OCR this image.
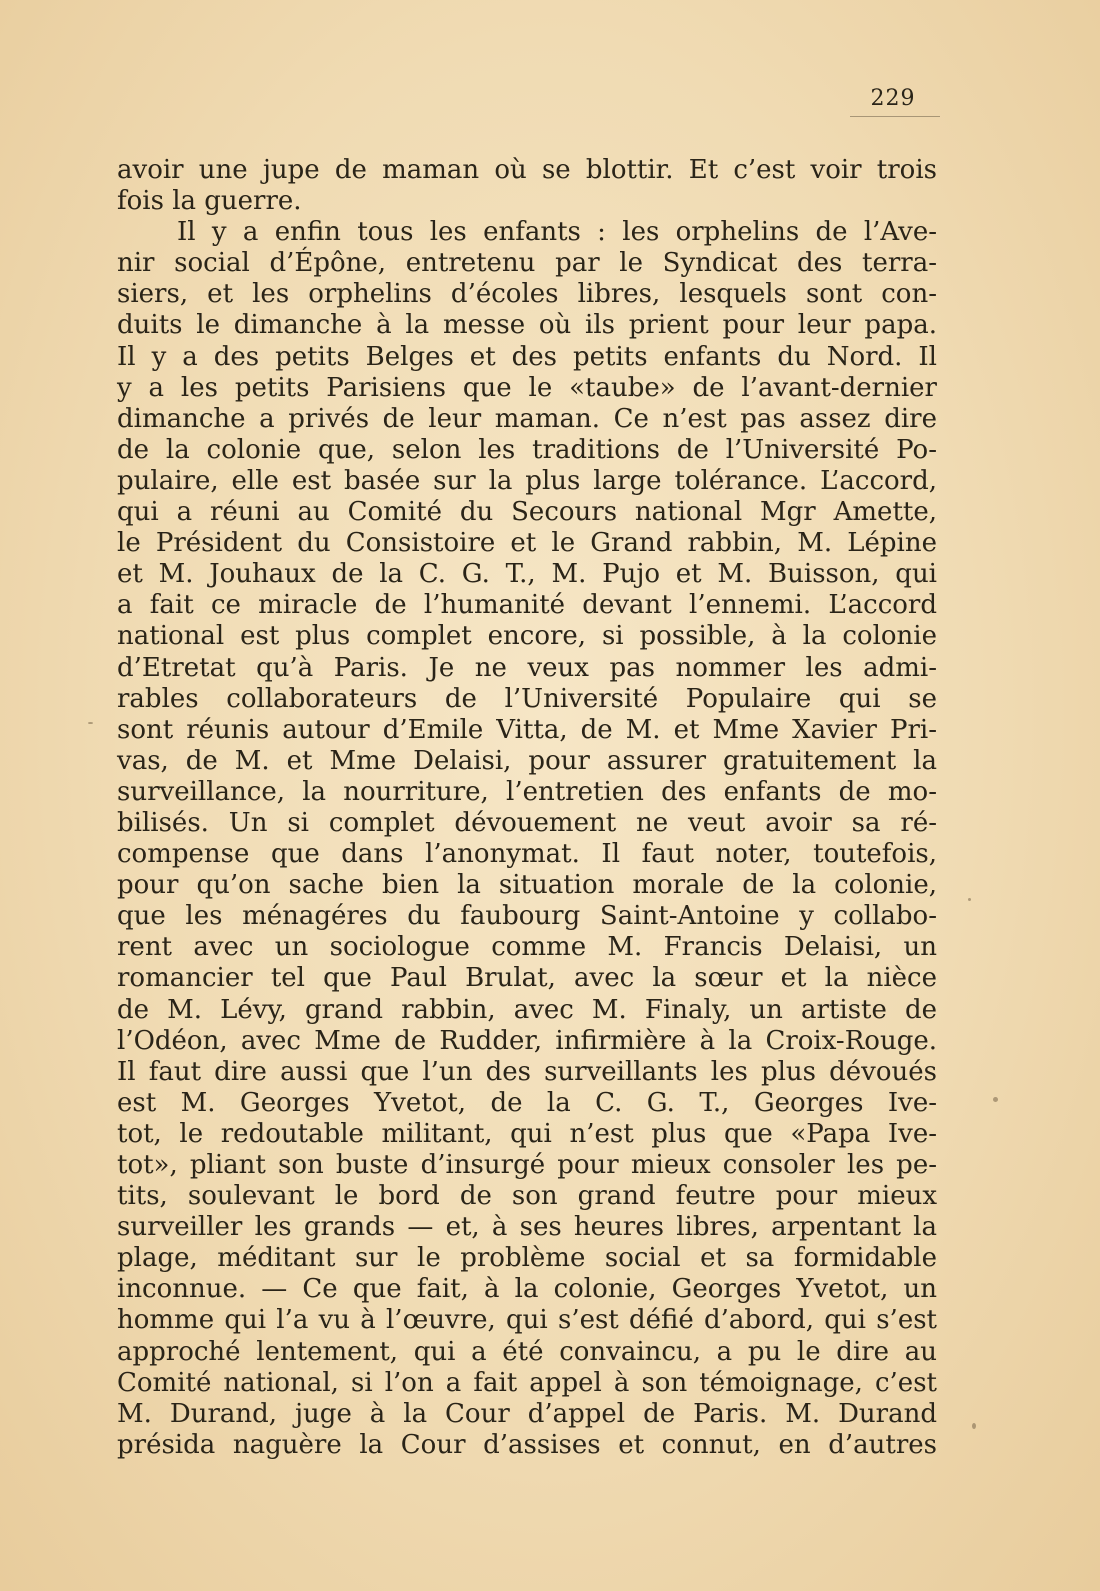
229
avoir une jupe de maman où se blottir. Et c’est voir trois
fois la guerre.
Il y a enfin tous les enfants : les orphelins de l’Ave-
nir social d’Épône, entretenu par le Syndicat des terra-
siers, et les orphelins d’écoles libres, lesquels sont con-
duits le dimanche à la messe où ils prient pour leur papa.
Il y a des petits Belges et des petits enfants du Nord. Il
y a les petits Parisiens que le «taube» de l’avant-dernier
dimanche a privés de leur maman. Ce n’est pas assez dire
de la colonie que, selon les traditions de l’Université Po-
pulaire, elle est basée sur la plus large tolérance. L’accord,
qui a réuni au Comité du Secours national Mgr Amette,
le Président du Consistoire et le Grand rabbin, M. Lépine
et M. Jouhaux de la C. G. T., M. Pujo et M. Buisson, qui
a fait ce miracle de l’humanité devant l’ennemi. L’accord
national est plus complet encore, si possible, à la colonie
d’Etretat qu’à Paris. Je ne veux pas nommer les admi-
rables collaborateurs de l’Université Populaire qui se
sont réunis autour d’Emile Vitta, de M. et Mme Xavier Pri-
vas, de M. et Mme Delaisi, pour assurer gratuitement la
surveillance, la nourriture, l’entretien des enfants de mo-
bilisés. Un si complet dévouement ne veut avoir sa ré-
compense que dans l’anonymat. Il faut noter, toutefois,
pour qu’on sache bien la situation morale de la colonie,
que les ménagéres du faubourg Saint-Antoine y collabo-
rent avec un sociologue comme M. Francis Delaisi, un
romancier tel que Paul Brulat, avec la sœur et la nièce
de M. Lévy, grand rabbin, avec M. Finaly, un artiste de
l’Odéon, avec Mme de Rudder, infirmière à la Croix-Rouge.
Il faut dire aussi que l’un des surveillants les plus dévoués
est M. Georges Yvetot, de la C. G. T., Georges Ive-
tot, le redoutable militant, qui n’est plus que «Papa Ive-
tot», pliant son buste d’insurgé pour mieux consoler les pe-
tits, soulevant le bord de son grand feutre pour mieux
surveiller les grands — et, à ses heures libres, arpentant la
plage, méditant sur le problème social et sa formidable
inconnue. — Ce que fait, à la colonie, Georges Yvetot, un
homme qui l’a vu à l’œuvre, qui s’est défié d’abord, qui s’est
approché lentement, qui a été convaincu, a pu le dire au
Comité national, si l’on a fait appel à son témoignage, c’est
M. Durand, juge à la Cour d’appel de Paris. M. Durand
présida naguère la Cour d’assises et connut, en d’autres
